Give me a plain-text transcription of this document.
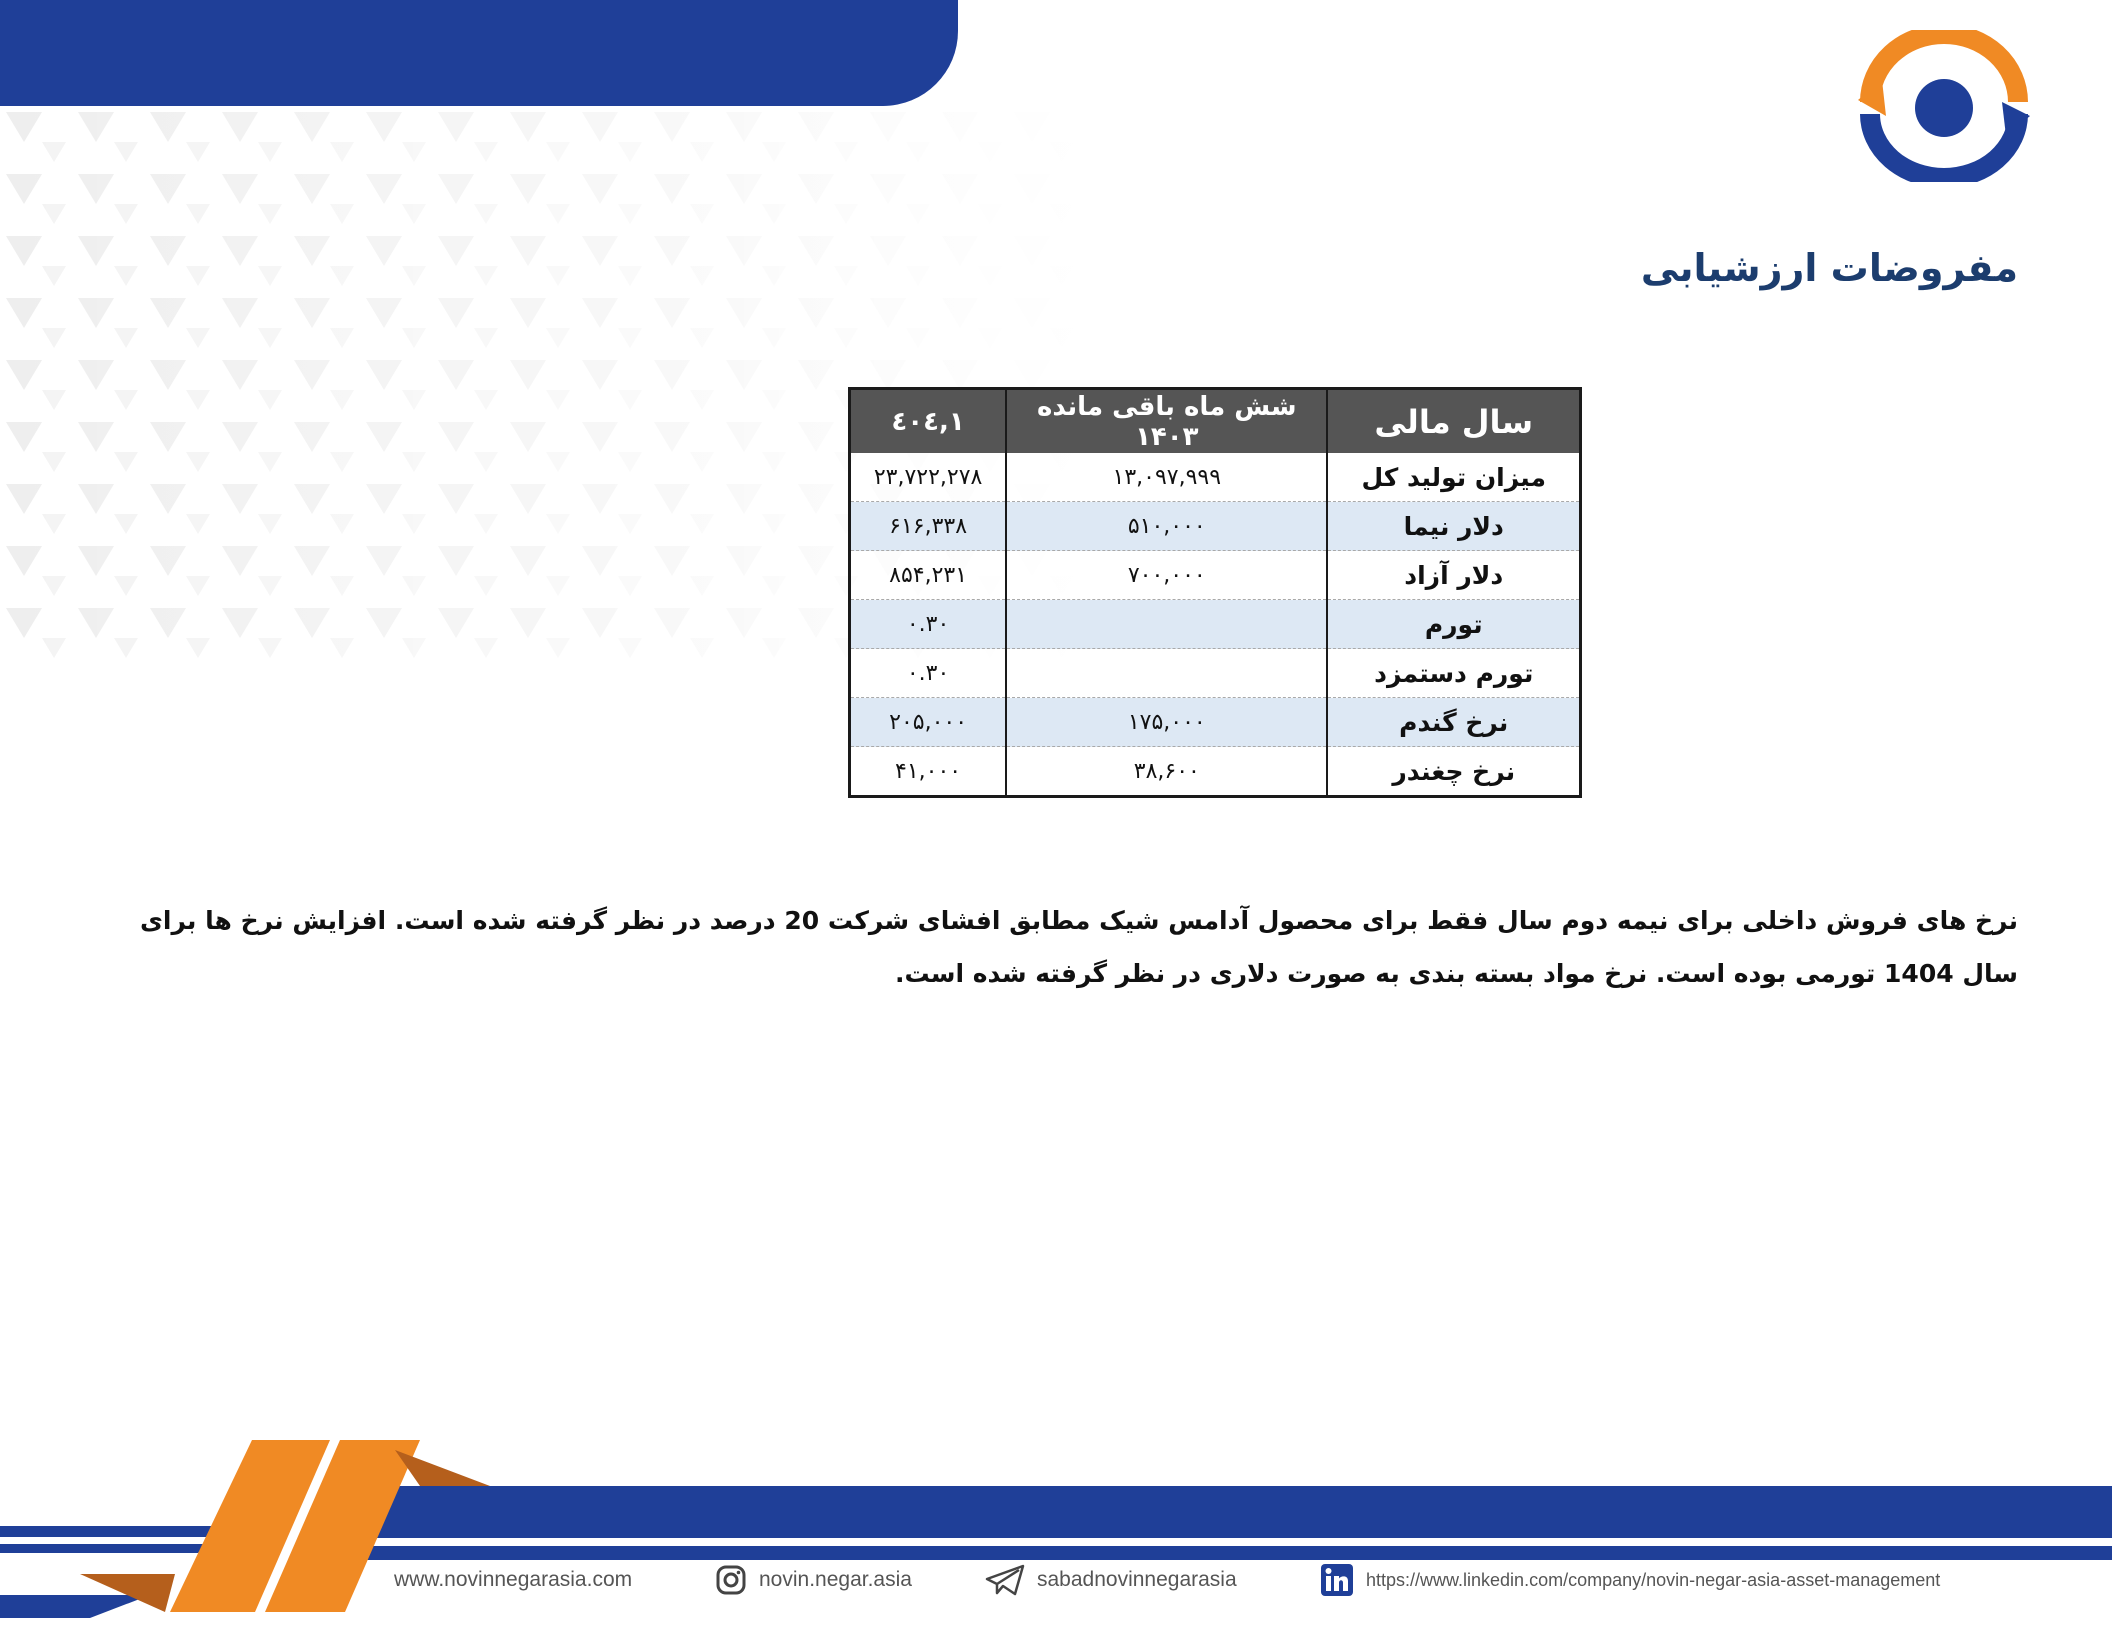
مفروضات ارزشیابی
سال مالی	شش ماه باقی مانده ۱۴۰۳	۱,٤۰٤
میزان تولید کل	۱۳,۰۹۷,۹۹۹	۲۳,۷۲۲,۲۷۸
دلار نیما	۵۱۰,۰۰۰	۶۱۶,۳۳۸
دلار آزاد	۷۰۰,۰۰۰	۸۵۴,۲۳۱
تورم		۰.۳۰
تورم دستمزد		۰.۳۰
نرخ گندم	۱۷۵,۰۰۰	۲۰۵,۰۰۰
نرخ چغندر	۳۸,۶۰۰	۴۱,۰۰۰

نرخ های فروش داخلی برای نیمه دوم سال فقط برای محصول آدامس شیک مطابق افشای شرکت 20 درصد در نظر گرفته شده است. افزایش نرخ ها برای سال 1404 تورمی بوده است. نرخ مواد بسته بندی به صورت دلاری در نظر گرفته شده است.

www.novinnegarasia.com	novin.negar.asia	sabadnovinnegarasia	https://www.linkedin.com/company/novin-negar-asia-asset-management
